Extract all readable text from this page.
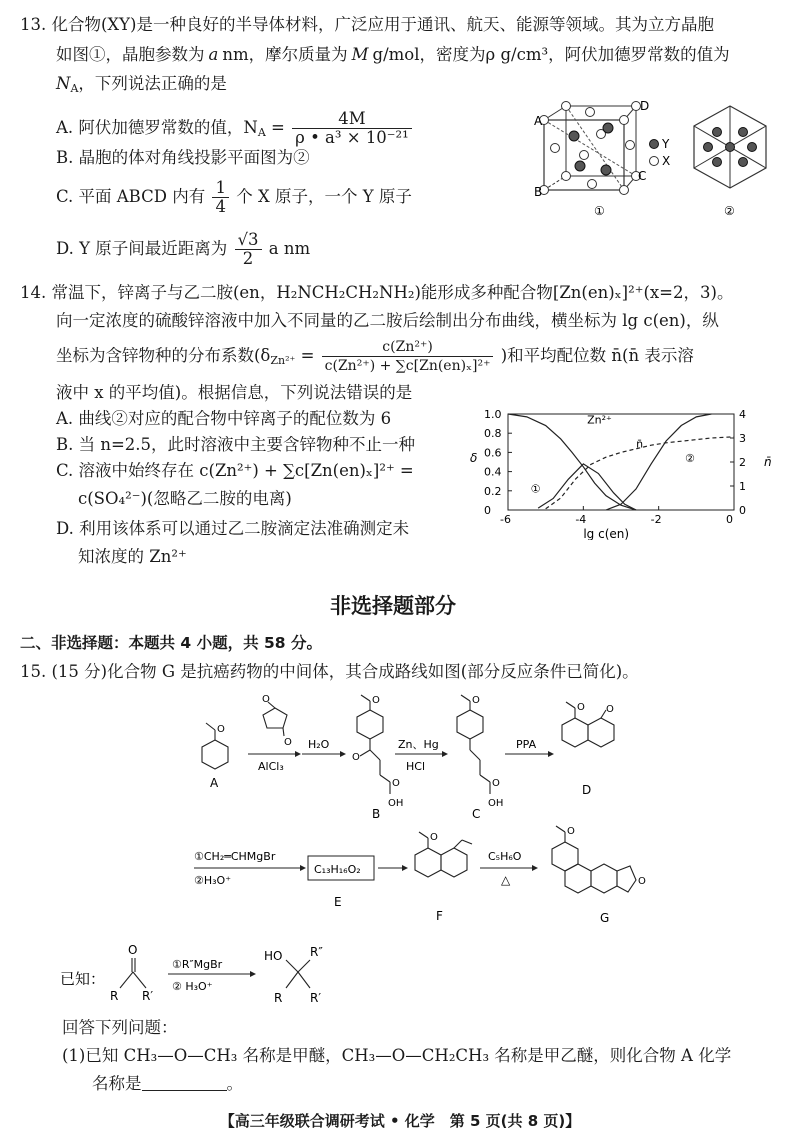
13. 化合物(XY)是一种良好的半导体材料，广泛应用于通讯、航天、能源等领域。其为立方晶胞
如图①，晶胞参数为 a nm，摩尔质量为 M g/mol，密度为ρ g/cm³，阿伏加德罗常数的值为
$N_A$，下列说法正确的是
A. 阿伏加德罗常数的值，$N_A = \frac{4M}{\text{ρ • a³ × 10⁻²¹}}$
B. 晶胞的体对角线投影平面图为②
C. 平面 ABCD 内有 $\frac{1}{4}$ 个 X 原子，一个 Y 原子
D. Y 原子间最近距离为 $\frac{√3}{2}$ a nm
A
B
C
D
Y
X
①	②
14. 常温下，锌离子与乙二胺(en，H₂NCH₂CH₂NH₂)能形成多种配合物[Zn(en)ₓ]²⁺(x=2，3)。
向一定浓度的硫酸锌溶液中加入不同量的乙二胺后绘制出分布曲线，横坐标为 lg c(en)，纵
坐标为含锌物种的分布系数($\delta_{Zn^{2+}} = \frac{\text{c(Zn²⁺)}}{\text{c(Zn²⁺) + ∑c[Zn(en)ₓ]²⁺}}$ )和平均配位数 n̄(n̄ 表示溶
液中 x 的平均值)。根据信息，下列说法错误的是
A. 曲线②对应的配合物中锌离子的配位数为 6
B. 当 n=2.5，此时溶液中主要含锌物种不止一种
C. 溶液中始终存在 c(Zn²⁺) + ∑c[Zn(en)ₓ]²⁺ =
c(SO₄²⁻)(忽略乙二胺的电离)
D. 利用该体系可以通过乙二胺滴定法准确测定未
知浓度的 Zn²⁺
Zn²⁺
n̄
①
②
-6	-4	-2	0
0
0.2
0.4
0.6
0.8
1.0
0
1
2
3
4
lg c(en)
δ	n̄
非选择题部分
二、非选择题：本题共 4 小题，共 58 分。
15. (15 分)化合物 G 是抗癌药物的中间体，其合成路线如图(部分反应条件已简化)。
O
A
O
O
AlCl₃
H₂O
O
O
O
OH
B
Zn、Hg
HCl
O
O
OH
C
PPA
O O
D
①CH₂═CHMgBr
②H₃O⁺
C₁₃H₁₆O₂
E
O
F
C₅H₆O
△
O
O
G
已知：
O
R R′
①R″MgBr
② H₃O⁺
HO R″
R R′
回答下列问题：
(1)已知 CH₃—O—CH₃ 名称是甲醚，CH₃—O—CH₂CH₃ 名称是甲乙醚，则化合物 A 化学
名称是	。
【高三年级联合调研考试 • 化学　第 5 页(共 8 页)】
